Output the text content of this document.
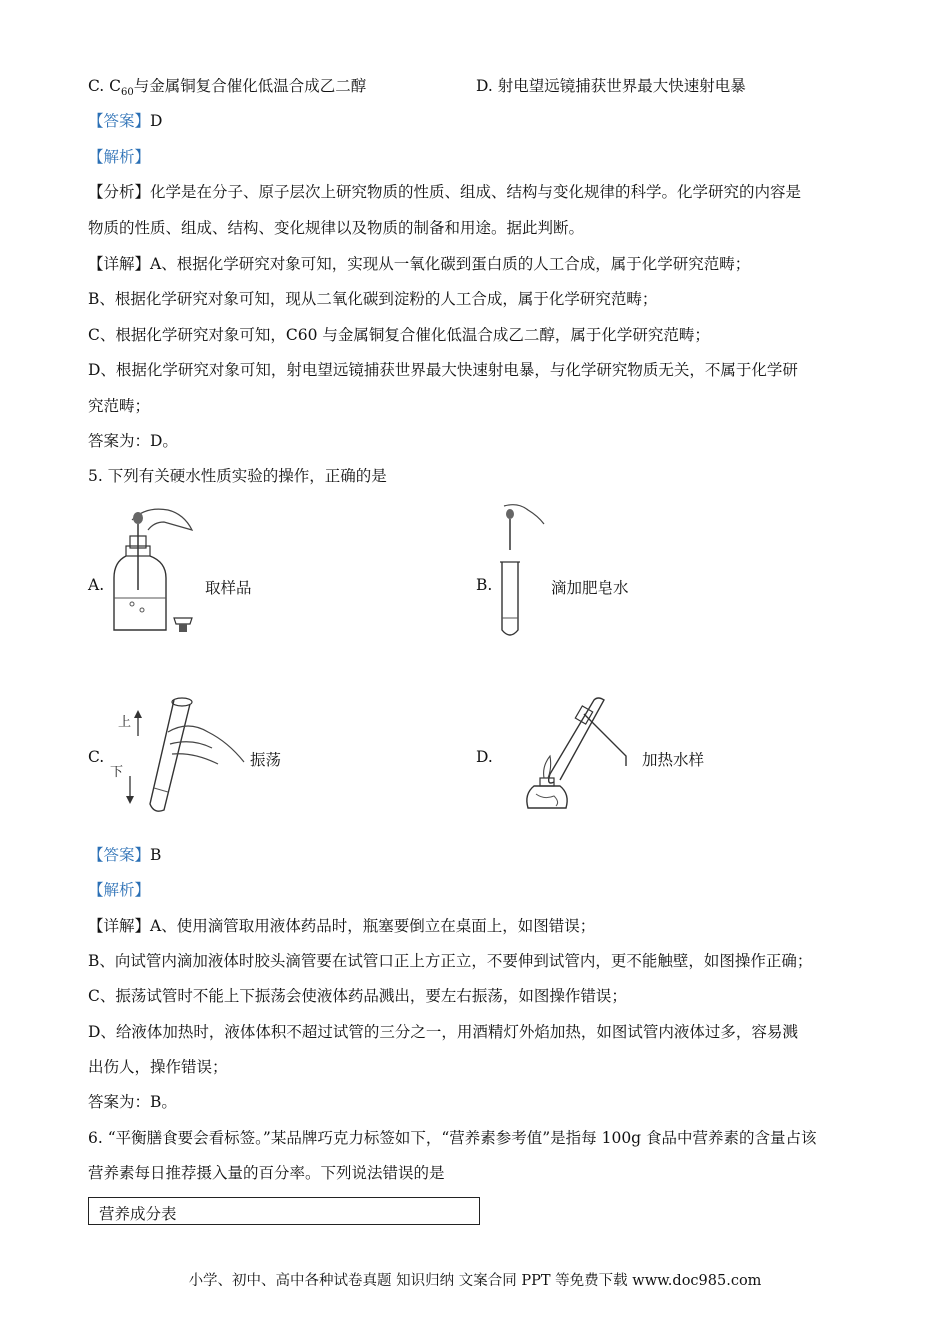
C. $C_{60}$与金属铜复合催化低温合成乙二醇	D. 射电望远镜捕获世界最大快速射电暴
【答案】D
【解析】
【分析】化学是在分子、原子层次上研究物质的性质、组成、结构与变化规律的科学。化学研究的内容是
物质的性质、组成、结构、变化规律以及物质的制备和用途。据此判断。
【详解】A、根据化学研究对象可知，实现从一氧化碳到蛋白质的人工合成，属于化学研究范畴；
B、根据化学研究对象可知，现从二氧化碳到淀粉的人工合成，属于化学研究范畴；
C、根据化学研究对象可知，C60 与金属铜复合催化低温合成乙二醇，属于化学研究范畴；
D、根据化学研究对象可知，射电望远镜捕获世界最大快速射电暴，与化学研究物质无关，不属于化学研
究范畴；
答案为：D。
5. 下列有关硬水性质实验的操作，正确的是
A.	取样品	B.	滴加肥皂水
C.
上
下
振荡	D.	加热水样
【答案】B
【解析】
【详解】A、使用滴管取用液体药品时，瓶塞要倒立在桌面上，如图错误；
B、向试管内滴加液体时胶头滴管要在试管口正上方正立，不要伸到试管内，更不能触壁，如图操作正确；
C、振荡试管时不能上下振荡会使液体药品溅出，要左右振荡，如图操作错误；
D、给液体加热时，液体体积不超过试管的三分之一，用酒精灯外焰加热，如图试管内液体过多，容易溅
出伤人，操作错误；
答案为：B。
6. “平衡膳食要会看标签。”某品牌巧克力标签如下，“营养素参考值”是指每 100g 食品中营养素的含量占该
营养素每日推荐摄入量的百分率。下列说法错误的是
营养成分表
小学、初中、高中各种试卷真题 知识归纳 文案合同 PPT 等免费下载 www.doc985.com
